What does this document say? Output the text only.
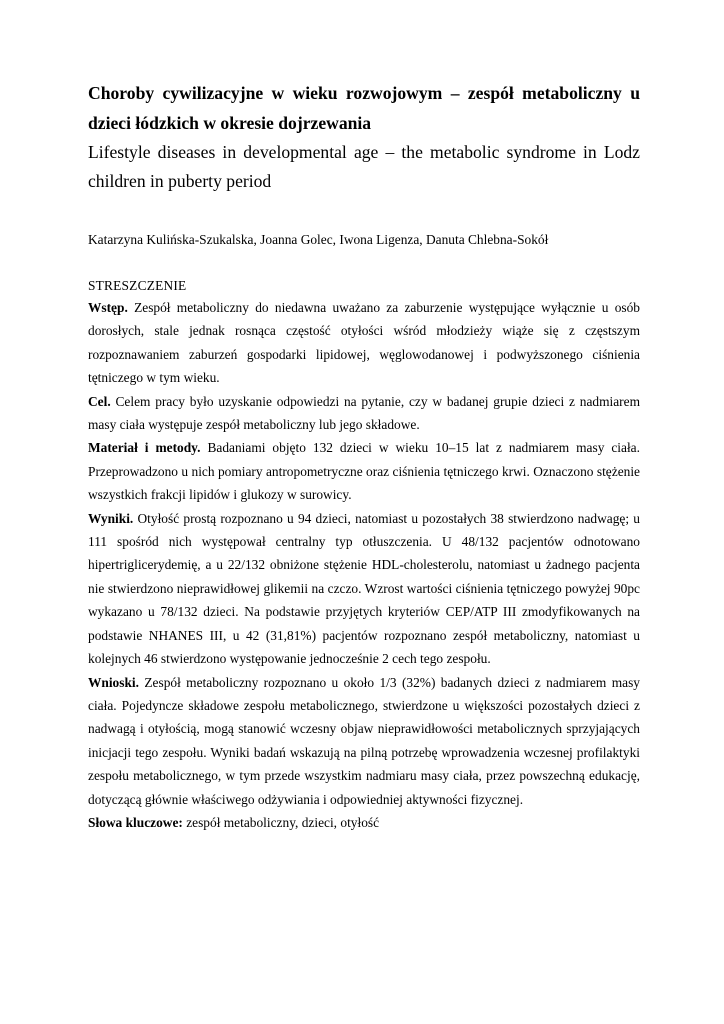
Choroby cywilizacyjne w wieku rozwojowym – zespół metaboliczny u dzieci łódzkich w okresie dojrzewania

Lifestyle diseases in developmental age – the metabolic syndrome in Lodz children in puberty period

Katarzyna Kulińska-Szukalska, Joanna Golec, Iwona Ligenza, Danuta Chlebna-Sokół

STRESZCZENIE

Wstęp. Zespół metaboliczny do niedawna uważano za zaburzenie występujące wyłącznie u osób dorosłych, stale jednak rosnąca częstość otyłości wśród młodzieży wiąże się z częstszym rozpoznawaniem zaburzeń gospodarki lipidowej, węglowodanowej i podwyższonego ciśnienia tętniczego w tym wieku.

Cel. Celem pracy było uzyskanie odpowiedzi na pytanie, czy w badanej grupie dzieci z nadmiarem masy ciała występuje zespół metaboliczny lub jego składowe.

Materiał i metody. Badaniami objęto 132 dzieci w wieku 10–15 lat z nadmiarem masy ciała. Przeprowadzono u nich pomiary antropometryczne oraz ciśnienia tętniczego krwi. Oznaczono stężenie wszystkich frakcji lipidów i glukozy w surowicy.

Wyniki. Otyłość prostą rozpoznano u 94 dzieci, natomiast u pozostałych 38 stwierdzono nadwagę; u 111 spośród nich występował centralny typ otłuszczenia. U 48/132 pacjentów odnotowano hipertriglicerydemię, a u 22/132 obniżone stężenie HDL-cholesterolu, natomiast u żadnego pacjenta nie stwierdzono nieprawidłowej glikemii na czczo. Wzrost wartości ciśnienia tętniczego powyżej 90pc wykazano u 78/132 dzieci. Na podstawie przyjętych kryteriów CEP/ATP III zmodyfikowanych na podstawie NHANES III, u 42 (31,81%) pacjentów rozpoznano zespół metaboliczny, natomiast u kolejnych 46 stwierdzono występowanie jednocześnie 2 cech tego zespołu.

Wnioski. Zespół metaboliczny rozpoznano u około 1/3 (32%) badanych dzieci z nadmiarem masy ciała. Pojedyncze składowe zespołu metabolicznego, stwierdzone u większości pozostałych dzieci z nadwagą i otyłością, mogą stanowić wczesny objaw nieprawidłowości metabolicznych sprzyjających inicjacji tego zespołu. Wyniki badań wskazują na pilną potrzebę wprowadzenia wczesnej profilaktyki zespołu metabolicznego, w tym przede wszystkim nadmiaru masy ciała, przez powszechną edukację, dotyczącą głównie właściwego odżywiania i odpowiedniej aktywności fizycznej.

Słowa kluczowe: zespół metaboliczny, dzieci, otyłość
